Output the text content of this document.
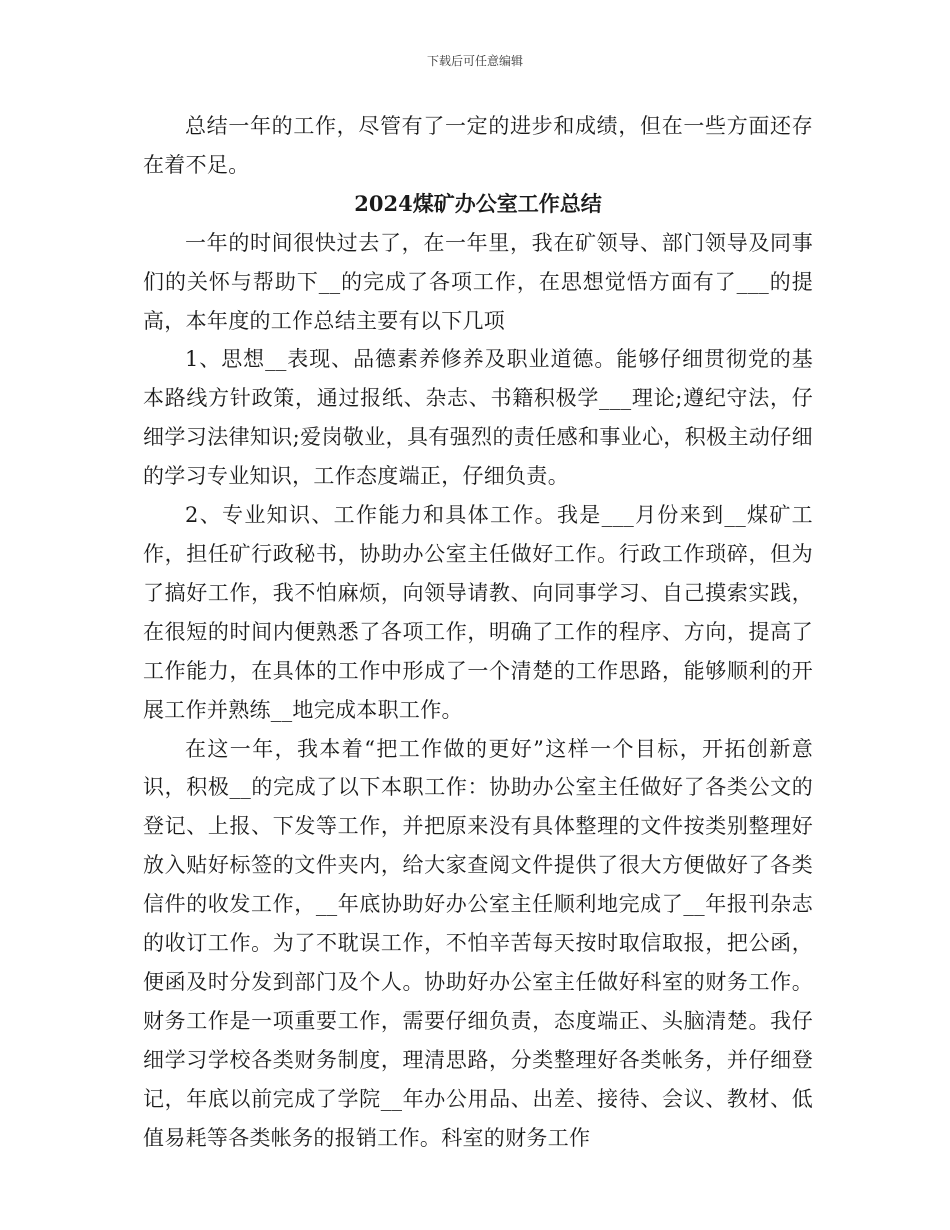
下载后可任意编辑

总结一年的工作，尽管有了一定的进步和成绩，但在一些方面还存在着不足。

2024煤矿办公室工作总结

一年的时间很快过去了，在一年里，我在矿领导、部门领导及同事们的关怀与帮助下__的完成了各项工作，在思想觉悟方面有了___的提高，本年度的工作总结主要有以下几项

1、思想__表现、品德素养修养及职业道德。能够仔细贯彻党的基本路线方针政策，通过报纸、杂志、书籍积极学___理论;遵纪守法，仔细学习法律知识;爱岗敬业，具有强烈的责任感和事业心，积极主动仔细的学习专业知识，工作态度端正，仔细负责。

2、专业知识、工作能力和具体工作。我是___月份来到__煤矿工作，担任矿行政秘书，协助办公室主任做好工作。行政工作琐碎，但为了搞好工作，我不怕麻烦，向领导请教、向同事学习、自己摸索实践，在很短的时间内便熟悉了各项工作，明确了工作的程序、方向，提高了工作能力，在具体的工作中形成了一个清楚的工作思路，能够顺利的开展工作并熟练__地完成本职工作。

在这一年，我本着“把工作做的更好”这样一个目标，开拓创新意识，积极__的完成了以下本职工作：协助办公室主任做好了各类公文的登记、上报、下发等工作，并把原来没有具体整理的文件按类别整理好放入贴好标签的文件夹内，给大家查阅文件提供了很大方便做好了各类信件的收发工作，__年底协助好办公室主任顺利地完成了__年报刊杂志的收订工作。为了不耽误工作，不怕辛苦每天按时取信取报，把公函，便函及时分发到部门及个人。协助好办公室主任做好科室的财务工作。财务工作是一项重要工作，需要仔细负责，态度端正、头脑清楚。我仔细学习学校各类财务制度，理清思路，分类整理好各类帐务，并仔细登记，年底以前完成了学院__年办公用品、出差、接待、会议、教材、低值易耗等各类帐务的报销工作。科室的财务工作
